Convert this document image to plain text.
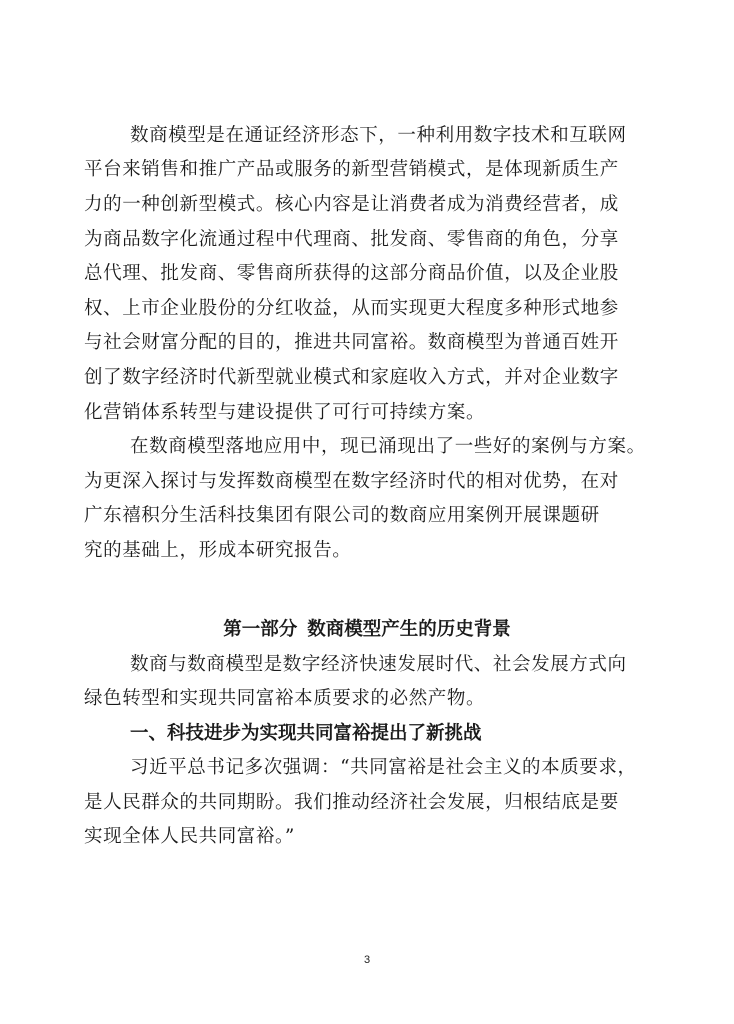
数商模型是在通证经济形态下，一种利用数字技术和互联网
平台来销售和推广产品或服务的新型营销模式，是体现新质生产
力的一种创新型模式。核心内容是让消费者成为消费经营者，成
为商品数字化流通过程中代理商、批发商、零售商的角色，分享
总代理、批发商、零售商所获得的这部分商品价值，以及企业股
权、上市企业股份的分红收益，从而实现更大程度多种形式地参
与社会财富分配的目的，推进共同富裕。数商模型为普通百姓开
创了数字经济时代新型就业模式和家庭收入方式，并对企业数字
化营销体系转型与建设提供了可行可持续方案。
在数商模型落地应用中，现已涌现出了一些好的案例与方案。
为更深入探讨与发挥数商模型在数字经济时代的相对优势，在对
广东禧积分生活科技集团有限公司的数商应用案例开展课题研
究的基础上，形成本研究报告。
第一部分 数商模型产生的历史背景
数商与数商模型是数字经济快速发展时代、社会发展方式向
绿色转型和实现共同富裕本质要求的必然产物。
一、科技进步为实现共同富裕提出了新挑战
习近平总书记多次强调：“共同富裕是社会主义的本质要求，
是人民群众的共同期盼。我们推动经济社会发展，归根结底是要
实现全体人民共同富裕。”
3
